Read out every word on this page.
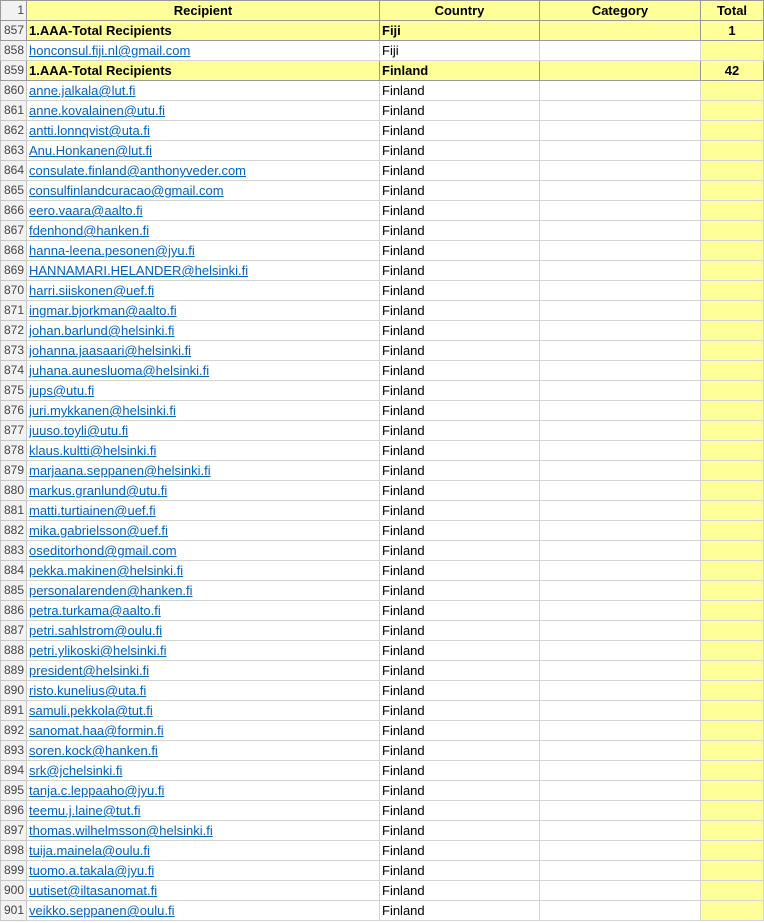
1	Recipient	Country	Category	Total	
857	1.AAA-Total Recipients	Fiji		1	
858	honconsul.fiji.nl@gmail.com	Fiji			
859	1.AAA-Total Recipients	Finland		42	
860	anne.jalkala@lut.fi	Finland			
861	anne.kovalainen@utu.fi	Finland			
862	antti.lonnqvist@uta.fi	Finland			
863	Anu.Honkanen@lut.fi	Finland			
864	consulate.finland@anthonyveder.com	Finland			
865	consulfinlandcuracao@gmail.com	Finland			
866	eero.vaara@aalto.fi	Finland			
867	fdenhond@hanken.fi	Finland			
868	hanna-leena.pesonen@jyu.fi	Finland			
869	HANNAMARI.HELANDER@helsinki.fi	Finland			
870	harri.siiskonen@uef.fi	Finland			
871	ingmar.bjorkman@aalto.fi	Finland			
872	johan.barlund@helsinki.fi	Finland			
873	johanna.jaasaari@helsinki.fi	Finland			
874	juhana.aunesluoma@helsinki.fi	Finland			
875	jups@utu.fi	Finland			
876	juri.mykkanen@helsinki.fi	Finland			
877	juuso.toyli@utu.fi	Finland			
878	klaus.kultti@helsinki.fi	Finland			
879	marjaana.seppanen@helsinki.fi	Finland			
880	markus.granlund@utu.fi	Finland			
881	matti.turtiainen@uef.fi	Finland			
882	mika.gabrielsson@uef.fi	Finland			
883	oseditorhond@gmail.com	Finland			
884	pekka.makinen@helsinki.fi	Finland			
885	personalarenden@hanken.fi	Finland			
886	petra.turkama@aalto.fi	Finland			
887	petri.sahlstrom@oulu.fi	Finland			
888	petri.ylikoski@helsinki.fi	Finland			
889	president@helsinki.fi	Finland			
890	risto.kunelius@uta.fi	Finland			
891	samuli.pekkola@tut.fi	Finland			
892	sanomat.haa@formin.fi	Finland			
893	soren.kock@hanken.fi	Finland			
894	srk@jchelsinki.fi	Finland			
895	tanja.c.leppaaho@jyu.fi	Finland			
896	teemu.j.laine@tut.fi	Finland			
897	thomas.wilhelmsson@helsinki.fi	Finland			
898	tuija.mainela@oulu.fi	Finland			
899	tuomo.a.takala@jyu.fi	Finland			
900	uutiset@iltasanomat.fi	Finland			
901	veikko.seppanen@oulu.fi	Finland			
